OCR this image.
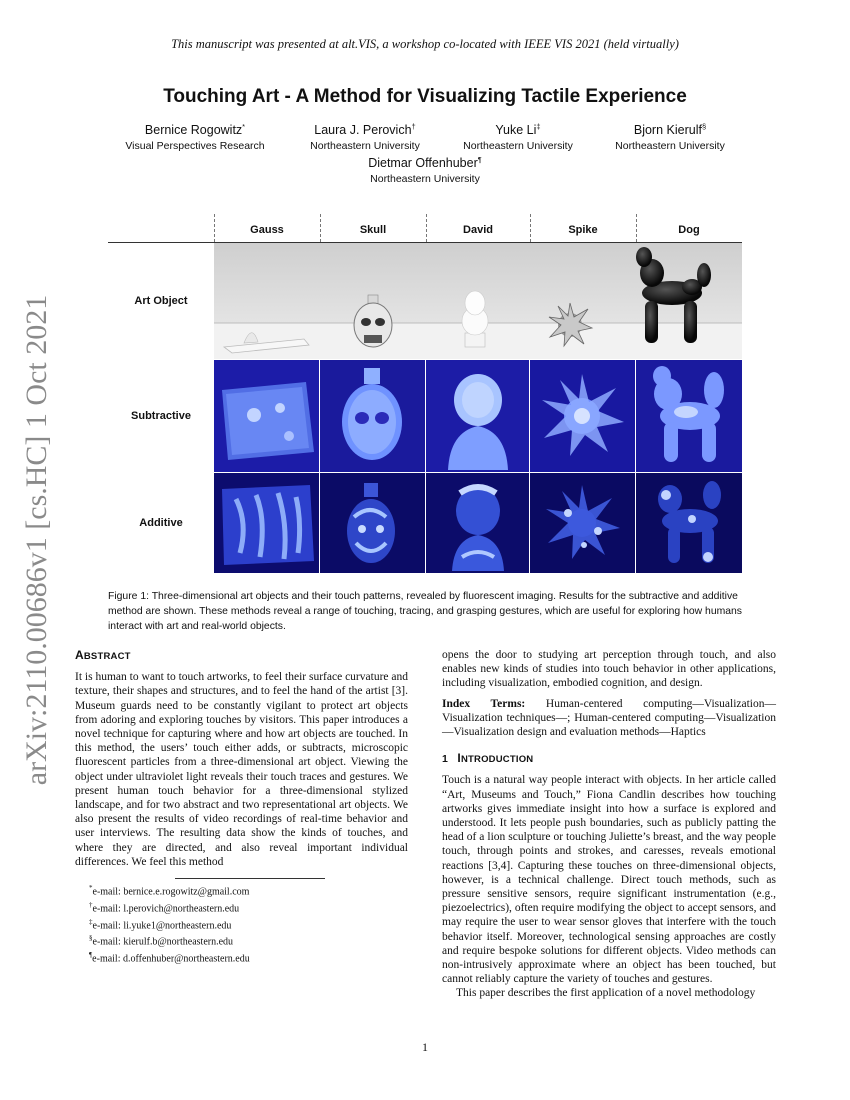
This manuscript was presented at alt.VIS, a workshop co-located with IEEE VIS 2021 (held virtually)
Touching Art - A Method for Visualizing Tactile Experience
Bernice Rogowitz*
Visual Perspectives Research
Laura J. Perovich†
Northeastern University
Yuke Li‡
Northeastern University
Bjorn Kierulf§
Northeastern University
Dietmar Offenhuber¶
Northeastern University
arXiv:2110.00686v1 [cs.HC] 1 Oct 2021
Gauss	Skull	David	Spike	Dog
Art Object
Subtractive
Additive
Figure 1: Three-dimensional art objects and their touch patterns, revealed by fluorescent imaging. Results for the subtractive and additive method are shown. These methods reveal a range of touching, tracing, and grasping gestures, which are useful for exploring how humans interact with art and real-world objects.
ABSTRACT

It is human to want to touch artworks, to feel their surface curvature and texture, their shapes and structures, and to feel the hand of the artist [3]. Museum guards need to be constantly vigilant to protect art objects from adoring and exploring touches by visitors. This paper introduces a novel technique for capturing where and how art objects are touched. In this method, the users’ touch either adds, or subtracts, microscopic fluorescent particles from a three-dimensional art object. Viewing the object under ultraviolet light reveals their touch traces and gestures. We present human touch behavior for a three-dimensional stylized landscape, and for two abstract and two representational art objects. We also present the results of video recordings of real-time behavior and user interviews. The resulting data show the kinds of touches, and where they are directed, and also reveal important individual differences. We feel this method

*e-mail: bernice.e.rogowitz@gmail.com
†e-mail: l.perovich@northeastern.edu
‡e-mail: li.yuke1@northeastern.edu
§e-mail: kierulf.b@northeastern.edu
¶e-mail: d.offenhuber@northeastern.edu

opens the door to studying art perception through touch, and also enables new kinds of studies into touch behavior in other applications, including visualization, embodied cognition, and design.

Index Terms: Human-centered computing—Visualization—Visualization techniques—; Human-centered computing—Visualization—Visualization design and evaluation methods—Haptics

1 INTRODUCTION

Touch is a natural way people interact with objects. In her article called “Art, Museums and Touch,” Fiona Candlin describes how touching artworks gives immediate insight into how a surface is explored and understood. It lets people push boundaries, such as publicly patting the head of a lion sculpture or touching Juliette’s breast, and the way people touch, through points and strokes, and caresses, reveals emotional reactions [3,4]. Capturing these touches on three-dimensional objects, however, is a technical challenge. Direct touch methods, such as pressure sensitive sensors, require significant instrumentation (e.g., piezoelectrics), often require modifying the object to accept sensors, and may require the user to wear sensor gloves that interfere with the touch behavior itself. Moreover, technological sensing approaches are costly and require bespoke solutions for different objects. Video methods can non-intrusively approximate where an object has been touched, but cannot reliably capture the variety of touches and gestures.

This paper describes the first application of a novel methodology

1
